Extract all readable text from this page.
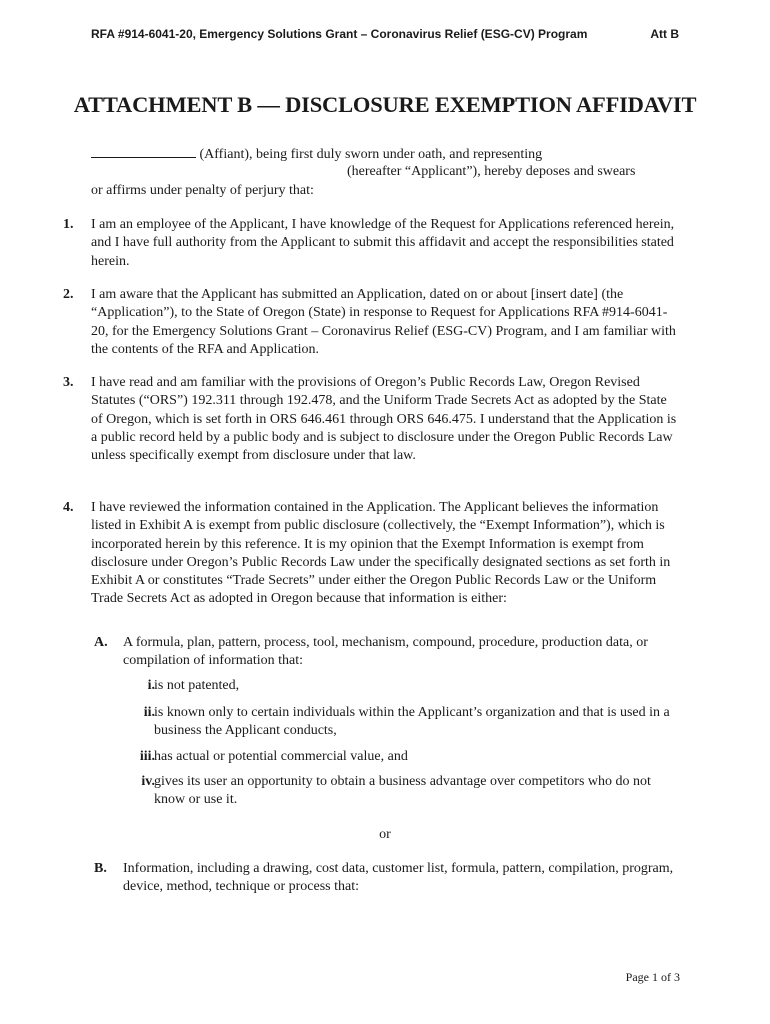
RFA #914-6041-20, Emergency Solutions Grant – Coronavirus Relief (ESG-CV) Program	Att B
ATTACHMENT B — DISCLOSURE EXEMPTION AFFIDAVIT
(Affiant), being first duly sworn under oath, and representing
(hereafter “Applicant”), hereby deposes and swears
or affirms under penalty of perjury that:
1.	I am an employee of the Applicant, I have knowledge of the Request for Applications referenced herein, and I have full authority from the Applicant to submit this affidavit and accept the responsibilities stated herein.
2.	I am aware that the Applicant has submitted an Application, dated on or about [insert date] (the “Application”), to the State of Oregon (State) in response to Request for Applications RFA #914-6041-20, for the Emergency Solutions Grant – Coronavirus Relief (ESG-CV) Program, and I am familiar with the contents of the RFA and Application.
3.	I have read and am familiar with the provisions of Oregon’s Public Records Law, Oregon Revised Statutes (“ORS”) 192.311 through 192.478, and the Uniform Trade Secrets Act as adopted by the State of Oregon, which is set forth in ORS 646.461 through ORS 646.475. I understand that the Application is a public record held by a public body and is subject to disclosure under the Oregon Public Records Law unless specifically exempt from disclosure under that law.
4.	I have reviewed the information contained in the Application. The Applicant believes the information listed in Exhibit A is exempt from public disclosure (collectively, the “Exempt Information”), which is incorporated herein by this reference. It is my opinion that the Exempt Information is exempt from disclosure under Oregon’s Public Records Law under the specifically designated sections as set forth in Exhibit A or constitutes “Trade Secrets” under either the Oregon Public Records Law or the Uniform Trade Secrets Act as adopted in Oregon because that information is either:
A. A formula, plan, pattern, process, tool, mechanism, compound, procedure, production data, or compilation of information that:
i. is not patented,
ii. is known only to certain individuals within the Applicant’s organization and that is used in a business the Applicant conducts,
iii. has actual or potential commercial value, and
iv. gives its user an opportunity to obtain a business advantage over competitors who do not know or use it.
or
B. Information, including a drawing, cost data, customer list, formula, pattern, compilation, program, device, method, technique or process that:
Page 1 of 3
